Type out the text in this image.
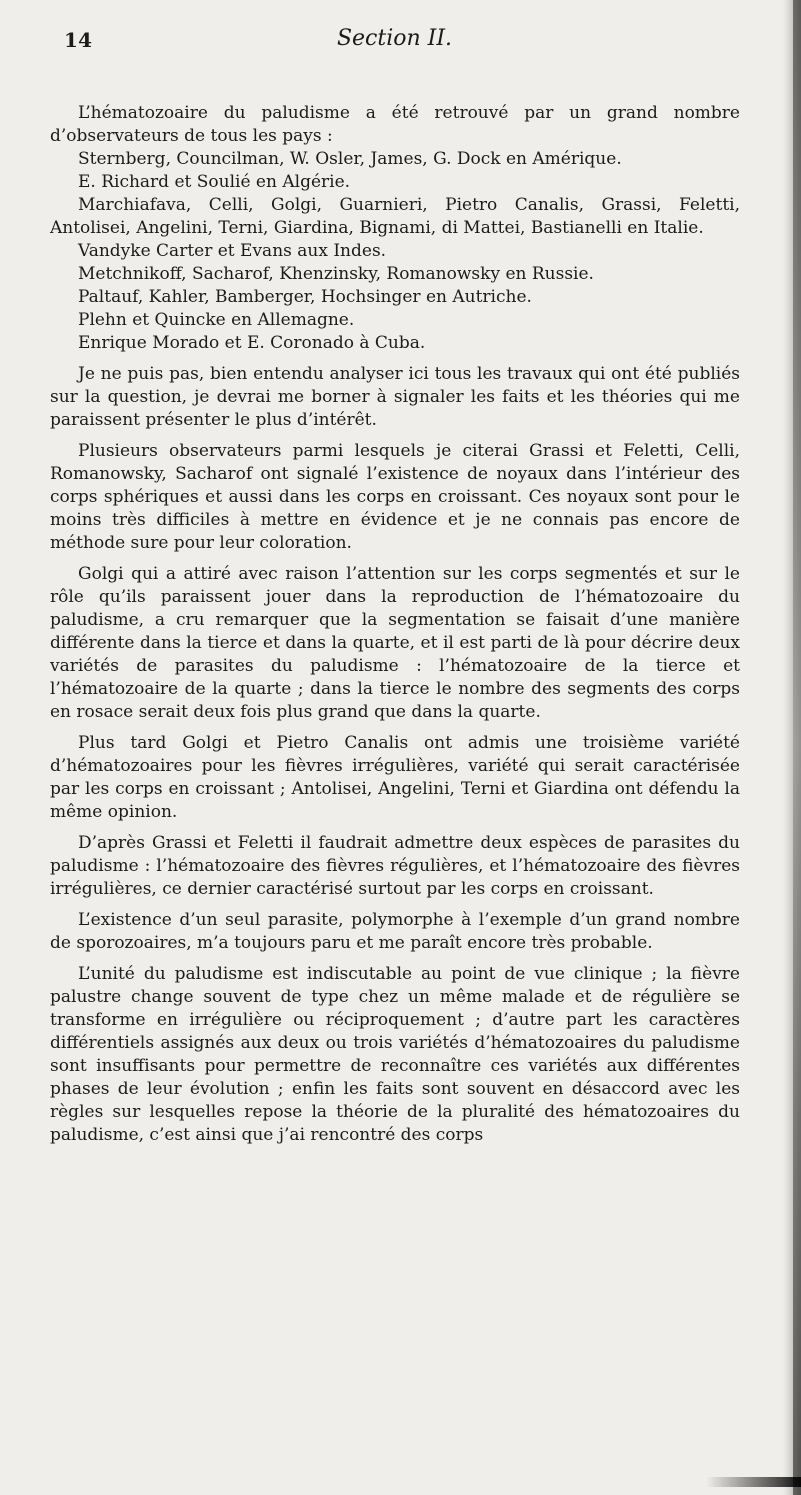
14	Section II.

L’hématozoaire du paludisme a été retrouvé par un grand nombre d’observateurs de tous les pays :

Sternberg, Councilman, W. Osler, James, G. Dock en Amérique.

E. Richard et Soulié en Algérie.

Marchiafava, Celli, Golgi, Guarnieri, Pietro Canalis, Grassi, Feletti, Antolisei, Angelini, Terni, Giardina, Bignami, di Mattei, Bastianelli en Italie.

Vandyke Carter et Evans aux Indes.

Metchnikoff, Sacharof, Khenzinsky, Romanowsky en Russie.

Paltauf, Kahler, Bamberger, Hochsinger en Autriche.

Plehn et Quincke en Allemagne.

Enrique Morado et E. Coronado à Cuba.

Je ne puis pas, bien entendu analyser ici tous les travaux qui ont été publiés sur la question, je devrai me borner à signaler les faits et les théories qui me paraissent présenter le plus d’intérêt.

Plusieurs observateurs parmi lesquels je citerai Grassi et Feletti, Celli, Romanowsky, Sacharof ont signalé l’existence de noyaux dans l’intérieur des corps sphériques et aussi dans les corps en croissant. Ces noyaux sont pour le moins très difficiles à mettre en évidence et je ne connais pas encore de méthode sure pour leur coloration.

Golgi qui a attiré avec raison l’attention sur les corps segmentés et sur le rôle qu’ils paraissent jouer dans la reproduction de l’hématozoaire du paludisme, a cru remarquer que la segmentation se faisait d’une manière différente dans la tierce et dans la quarte, et il est parti de là pour décrire deux variétés de parasites du paludisme : l’hématozoaire de la tierce et l’hématozoaire de la quarte ; dans la tierce le nombre des segments des corps en rosace serait deux fois plus grand que dans la quarte.

Plus tard Golgi et Pietro Canalis ont admis une troisième variété d’hématozoaires pour les fièvres irrégulières, variété qui serait caractérisée par les corps en croissant ; Antolisei, Angelini, Terni et Giardina ont défendu la même opinion.

D’après Grassi et Feletti il faudrait admettre deux espèces de parasites du paludisme : l’hématozoaire des fièvres régulières, et l’hématozoaire des fièvres irrégulières, ce dernier caractérisé surtout par les corps en croissant.

L’existence d’un seul parasite, polymorphe à l’exemple d’un grand nombre de sporozoaires, m’a toujours paru et me paraît encore très probable.

L’unité du paludisme est indiscutable au point de vue clinique ; la fièvre palustre change souvent de type chez un même malade et de régulière se transforme en irrégulière ou réciproquement ; d’autre part les caractères différentiels assignés aux deux ou trois variétés d’hématozoaires du paludisme sont insuffisants pour permettre de reconnaître ces variétés aux différentes phases de leur évolution ; enfin les faits sont souvent en désaccord avec les règles sur lesquelles repose la théorie de la pluralité des hématozoaires du paludisme, c’est ainsi que j’ai rencontré des corps
